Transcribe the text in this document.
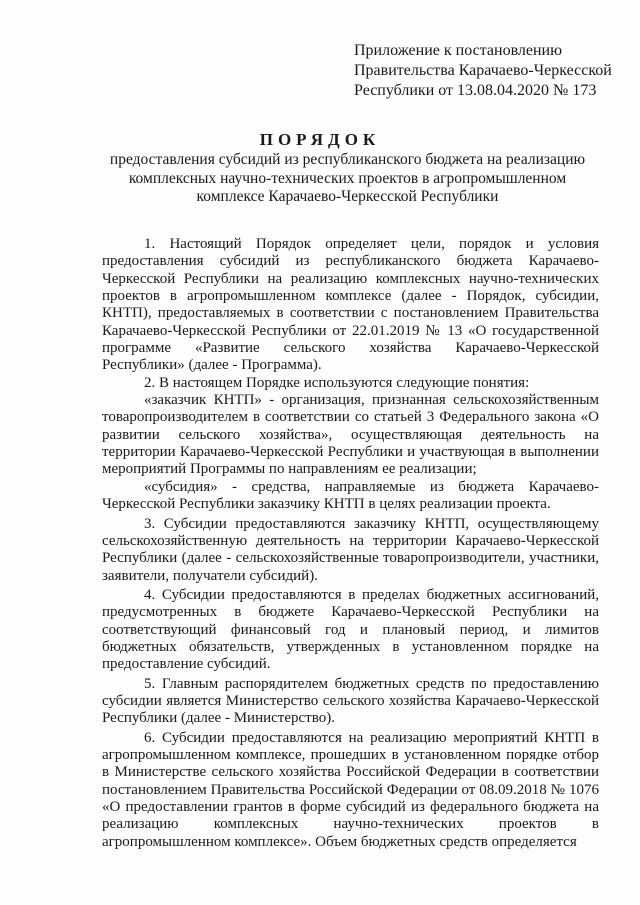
Приложение к постановлению
Правительства Карачаево-Черкесской
Республики от 13.08.04.2020 № 173
ПОРЯДОК
предоставления субсидий из республиканского бюджета на реализацию комплексных научно-технических проектов в агропромышленном комплексе Карачаево-Черкесской Республики

1. Настоящий Порядок определяет цели, порядок и условия предоставления субсидий из республиканского бюджета Карачаево-Черкесской Республики на реализацию комплексных научно-технических проектов в агропромышленном комплексе (далее - Порядок, субсидии, КНТП), предоставляемых в соответствии с постановлением Правительства Карачаево-Черкесской Республики от 22.01.2019 № 13 «О государственной программе «Развитие сельского хозяйства Карачаево-Черкесской Республики» (далее - Программа).

2. В настоящем Порядке используются следующие понятия:

«заказчик КНТП» - организация, признанная сельскохозяйственным товаропроизводителем в соответствии со статьей 3 Федерального закона «О развитии сельского хозяйства», осуществляющая деятельность на территории Карачаево-Черкесской Республики и участвующая в выполнении мероприятий Программы по направлениям ее реализации;

«субсидия» - средства, направляемые из бюджета Карачаево-Черкесской Республики заказчику КНТП в целях реализации проекта.

3. Субсидии предоставляются заказчику КНТП, осуществляющему сельскохозяйственную деятельность на территории Карачаево-Черкесской Республики (далее - сельскохозяйственные товаропроизводители, участники, заявители, получатели субсидий).

4. Субсидии предоставляются в пределах бюджетных ассигнований, предусмотренных в бюджете Карачаево-Черкесской Республики на соответствующий финансовый год и плановый период, и лимитов бюджетных обязательств, утвержденных в установленном порядке на предоставление субсидий.

5. Главным распорядителем бюджетных средств по предоставлению субсидии является Министерство сельского хозяйства Карачаево-Черкесской Республики (далее - Министерство).

6. Субсидии предоставляются на реализацию мероприятий КНТП в агропромышленном комплексе, прошедших в установленном порядке отбор в Министерстве сельского хозяйства Российской Федерации в соответствии постановлением Правительства Российской Федерации от 08.09.2018 № 1076 «О предоставлении грантов в форме субсидий из федерального бюджета на реализацию комплексных научно-технических проектов в агропромышленном комплексе». Объем бюджетных средств определяется
